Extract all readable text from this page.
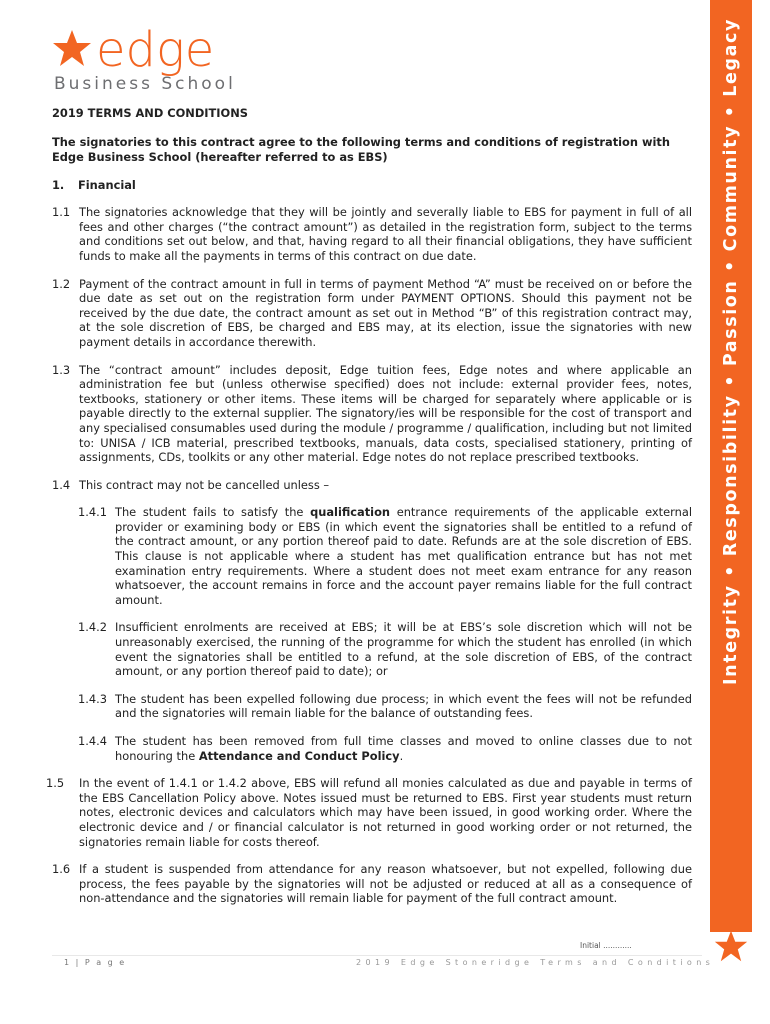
edge
Business School	Integrity • Responsibility • Passion • Community • Legacy
2019 TERMS AND CONDITIONS
The signatories to this contract agree to the following terms and conditions of registration with Edge Business School (hereafter referred to as EBS)
1. Financial
1.1 The signatories acknowledge that they will be jointly and severally liable to EBS for payment in full of all fees and other charges (“the contract amount”) as detailed in the registration form, subject to the terms and conditions set out below, and that, having regard to all their financial obligations, they have sufficient funds to make all the payments in terms of this contract on due date.
1.2 Payment of the contract amount in full in terms of payment Method “A” must be received on or before the due date as set out on the registration form under PAYMENT OPTIONS. Should this payment not be received by the due date, the contract amount as set out in Method “B” of this registration contract may, at the sole discretion of EBS, be charged and EBS may, at its election, issue the signatories with new payment details in accordance therewith.
1.3 The “contract amount” includes deposit, Edge tuition fees, Edge notes and where applicable an administration fee but (unless otherwise specified) does not include: external provider fees, notes, textbooks, stationery or other items. These items will be charged for separately where applicable or is payable directly to the external supplier. The signatory/ies will be responsible for the cost of transport and any specialised consumables used during the module / programme / qualification, including but not limited to: UNISA / ICB material, prescribed textbooks, manuals, data costs, specialised stationery, printing of assignments, CDs, toolkits or any other material. Edge notes do not replace prescribed textbooks.
1.4 This contract may not be cancelled unless –
1.4.1 The student fails to satisfy the qualification entrance requirements of the applicable external provider or examining body or EBS (in which event the signatories shall be entitled to a refund of the contract amount, or any portion thereof paid to date. Refunds are at the sole discretion of EBS. This clause is not applicable where a student has met qualification entrance but has not met examination entry requirements. Where a student does not meet exam entrance for any reason whatsoever, the account remains in force and the account payer remains liable for the full contract amount.
1.4.2 Insufficient enrolments are received at EBS; it will be at EBS’s sole discretion which will not be unreasonably exercised, the running of the programme for which the student has enrolled (in which event the signatories shall be entitled to a refund, at the sole discretion of EBS, of the contract amount, or any portion thereof paid to date); or
1.4.3 The student has been expelled following due process; in which event the fees will not be refunded and the signatories will remain liable for the balance of outstanding fees.
1.4.4 The student has been removed from full time classes and moved to online classes due to not honouring the Attendance and Conduct Policy.
1.5 In the event of 1.4.1 or 1.4.2 above, EBS will refund all monies calculated as due and payable in terms of the EBS Cancellation Policy above. Notes issued must be returned to EBS. First year students must return notes, electronic devices and calculators which may have been issued, in good working order. Where the electronic device and / or financial calculator is not returned in good working order or not returned, the signatories remain liable for costs thereof.
1.6 If a student is suspended from attendance for any reason whatsoever, but not expelled, following due process, the fees payable by the signatories will not be adjusted or reduced at all as a consequence of non-attendance and the signatories will remain liable for payment of the full contract amount.
Initial ............
1 | P a g e	2019 Edge Stoneridge Terms and Conditions
